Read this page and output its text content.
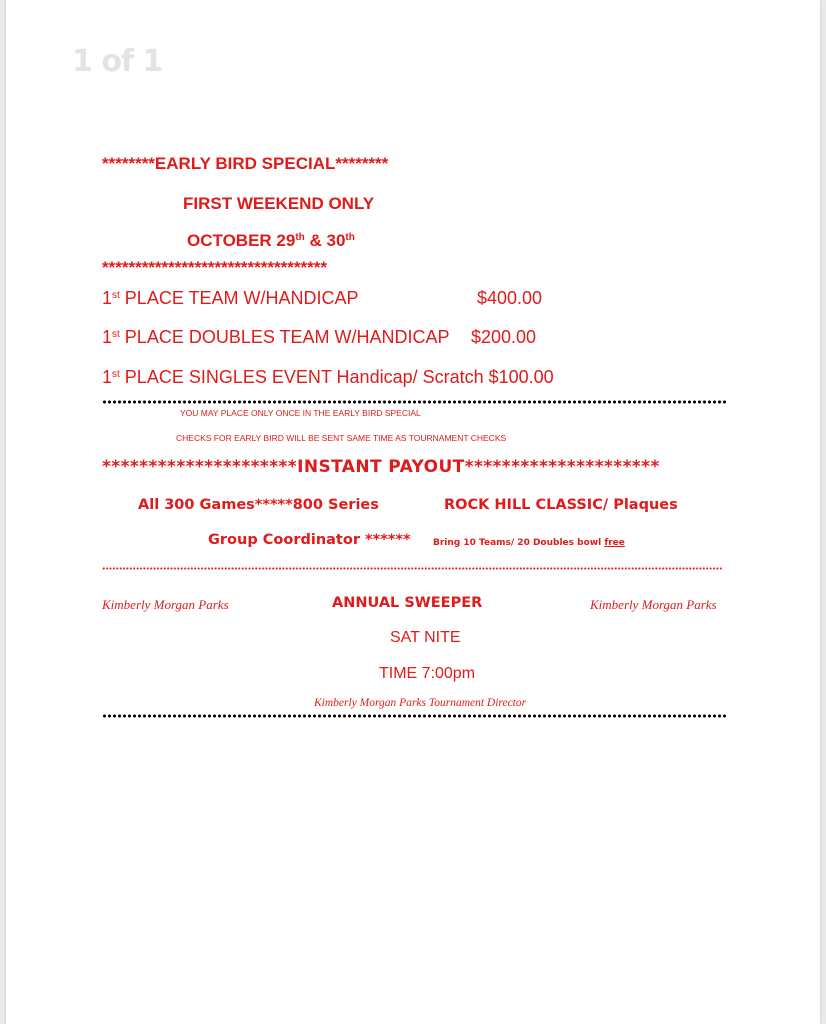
1 of 1
********EARLY BIRD SPECIAL********
FIRST WEEKEND ONLY
OCTOBER 29th & 30th
**********************************
1st PLACE TEAM W/HANDICAP	$400.00
1st PLACE DOUBLES TEAM W/HANDICAP $200.00
1st PLACE SINGLES EVENT Handicap/ Scratch $100.00
YOU MAY PLACE ONLY ONCE IN THE EARLY BIRD SPECIAL
CHECKS FOR EARLY BIRD WILL BE SENT SAME TIME AS TOURNAMENT CHECKS
*********************INSTANT PAYOUT*********************
All 300 Games*****800 Series	ROCK HILL CLASSIC/ Plaques
Group Coordinator ****** Bring 10 Teams/ 20 Doubles bowl free
Kimberly Morgan Parks	ANNUAL SWEEPER	Kimberly Morgan Parks
SAT NITE
TIME 7:00pm
Kimberly Morgan Parks Tournament Director
